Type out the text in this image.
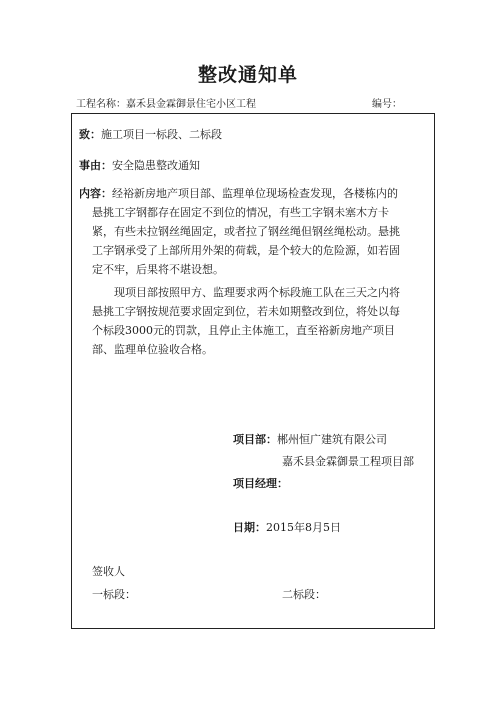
整改通知单
工程名称：嘉禾县金霖御景住宅小区工程	编号：
致：施工项目一标段、二标段
事由：安全隐患整改通知
内容：经裕新房地产项目部、监理单位现场检查发现，各楼栋内的
悬挑工字钢都存在固定不到位的情况，有些工字钢未塞木方卡
紧，有些未拉钢丝绳固定，或者拉了钢丝绳但钢丝绳松动。悬挑
工字钢承受了上部所用外架的荷载，是个较大的危险源，如若固
定不牢，后果将不堪设想。
现项目部按照甲方、监理要求两个标段施工队在三天之内将
悬挑工字钢按规范要求固定到位，若未如期整改到位，将处以每
个标段3000元的罚款，且停止主体施工，直至裕新房地产项目
部、监理单位验收合格。
项目部：郴州恒广建筑有限公司
嘉禾县金霖御景工程项目部
项目经理：
日期：2015年8月5日
签收人
一标段：	二标段：
